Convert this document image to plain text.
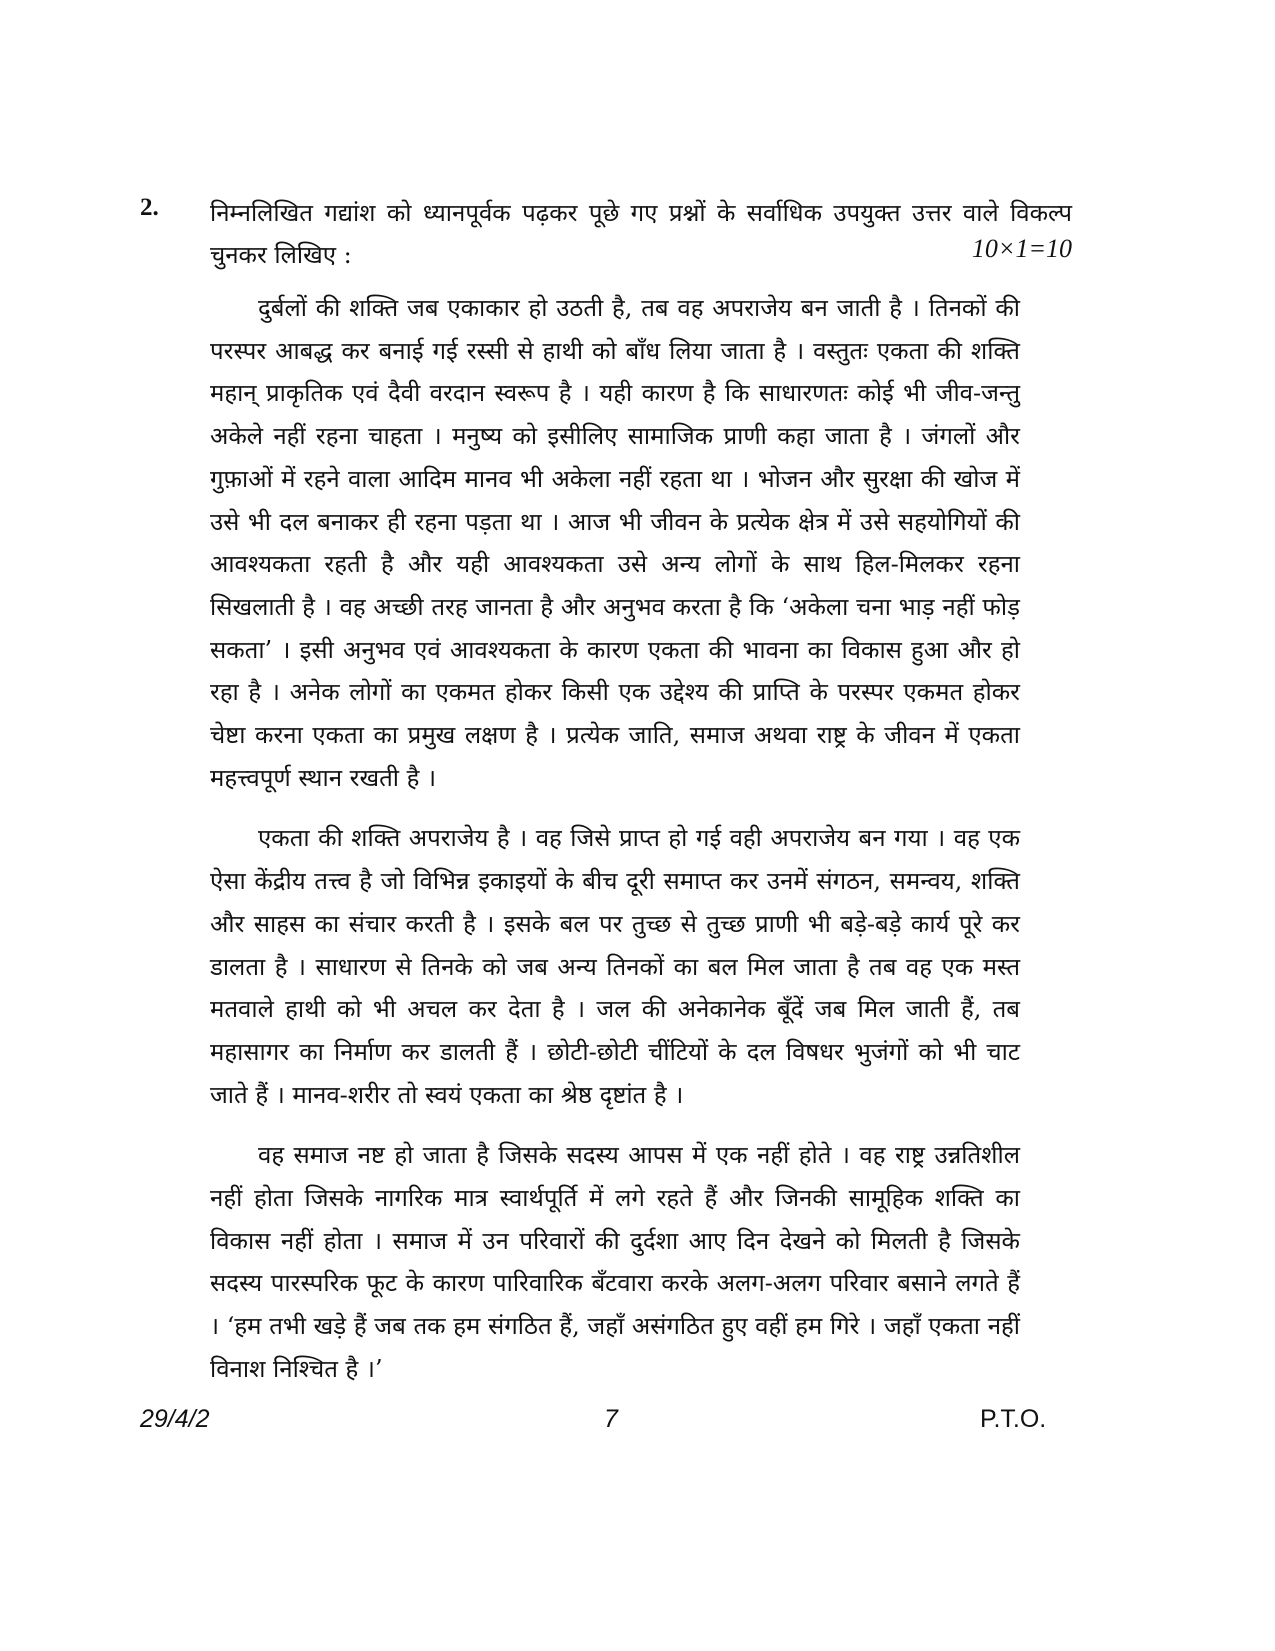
2. निम्नलिखित गद्यांश को ध्यानपूर्वक पढ़कर पूछे गए प्रश्नों के सर्वाधिक उपयुक्त उत्तर वाले विकल्प चुनकर लिखिए :	10×1=10

दुर्बलों की शक्ति जब एकाकार हो उठती है, तब वह अपराजेय बन जाती है । तिनकों की परस्पर आबद्ध कर बनाई गई रस्सी से हाथी को बाँध लिया जाता है । वस्तुतः एकता की शक्ति महान् प्राकृतिक एवं दैवी वरदान स्वरूप है । यही कारण है कि साधारणतः कोई भी जीव-जन्तु अकेले नहीं रहना चाहता । मनुष्य को इसीलिए सामाजिक प्राणी कहा जाता है । जंगलों और गुफ़ाओं में रहने वाला आदिम मानव भी अकेला नहीं रहता था । भोजन और सुरक्षा की खोज में उसे भी दल बनाकर ही रहना पड़ता था । आज भी जीवन के प्रत्येक क्षेत्र में उसे सहयोगियों की आवश्यकता रहती है और यही आवश्यकता उसे अन्य लोगों के साथ हिल-मिलकर रहना सिखलाती है । वह अच्छी तरह जानता है और अनुभव करता है कि ‘अकेला चना भाड़ नहीं फोड़ सकता’ । इसी अनुभव एवं आवश्यकता के कारण एकता की भावना का विकास हुआ और हो रहा है । अनेक लोगों का एकमत होकर किसी एक उद्देश्य की प्राप्ति के परस्पर एकमत होकर चेष्टा करना एकता का प्रमुख लक्षण है । प्रत्येक जाति, समाज अथवा राष्ट्र के जीवन में एकता महत्त्वपूर्ण स्थान रखती है ।

एकता की शक्ति अपराजेय है । वह जिसे प्राप्त हो गई वही अपराजेय बन गया । वह एक ऐसा केंद्रीय तत्त्व है जो विभिन्न इकाइयों के बीच दूरी समाप्त कर उनमें संगठन, समन्वय, शक्ति और साहस का संचार करती है । इसके बल पर तुच्छ से तुच्छ प्राणी भी बड़े-बड़े कार्य पूरे कर डालता है । साधारण से तिनके को जब अन्य तिनकों का बल मिल जाता है तब वह एक मस्त मतवाले हाथी को भी अचल कर देता है । जल की अनेकानेक बूँदें जब मिल जाती हैं, तब महासागर का निर्माण कर डालती हैं । छोटी-छोटी चींटियों के दल विषधर भुजंगों को भी चाट जाते हैं । मानव-शरीर तो स्वयं एकता का श्रेष्ठ दृष्टांत है ।

वह समाज नष्ट हो जाता है जिसके सदस्य आपस में एक नहीं होते । वह राष्ट्र उन्नतिशील नहीं होता जिसके नागरिक मात्र स्वार्थपूर्ति में लगे रहते हैं और जिनकी सामूहिक शक्ति का विकास नहीं होता । समाज में उन परिवारों की दुर्दशा आए दिन देखने को मिलती है जिसके सदस्य पारस्परिक फूट के कारण पारिवारिक बँटवारा करके अलग-अलग परिवार बसाने लगते हैं । ‘हम तभी खड़े हैं जब तक हम संगठित हैं, जहाँ असंगठित हुए वहीं हम गिरे । जहाँ एकता नहीं विनाश निश्चित है ।’

29/4/2	7	P.T.O.
